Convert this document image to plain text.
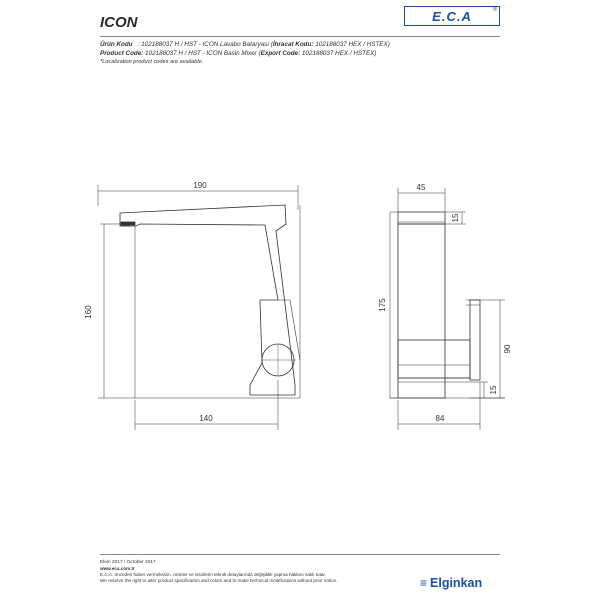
ICON	E.C.A	®
Ürün Kodu : 102188037 H / HST - ICON Lavabo Bataryası (İhracat Kodu: 102188037 HEX / HSTEX)
Product Code: 102188037 H / HST - ICON Basin Mixer (Export Code: 102188037 HEX / HSTEX)
*Localization product codes are available.
190
160
140
45
15
175
90
15
84
Ekim 2017 / October 2017
www.eca.com.tr
E.C.A. önceden haber vermeksizin, ürünler ve ürünlerin teknik detaylarında değişiklik yapma hakkını saklı tutar.
We reserve the right to alter product specification and colors and to make technical modifications without prior notice.	≡ Elginkan
